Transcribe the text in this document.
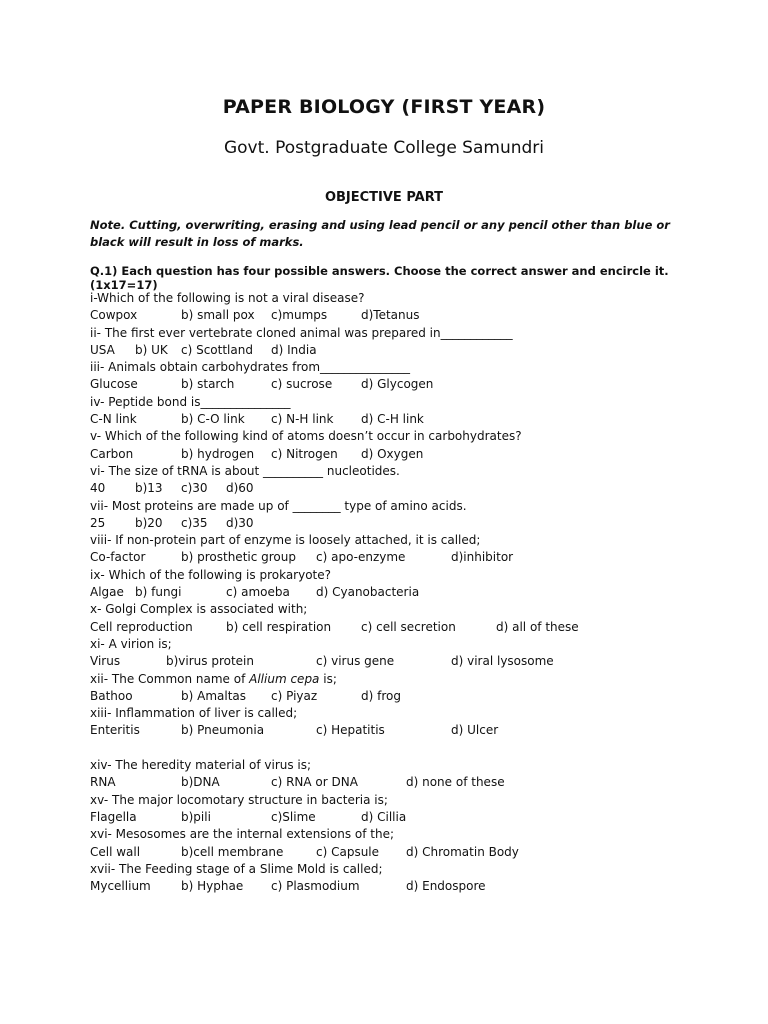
PAPER BIOLOGY (FIRST YEAR)
Govt. Postgraduate College Samundri
OBJECTIVE PART
Note. Cutting, overwriting, erasing and using lead pencil or any pencil other than blue or black will result in loss of marks.
Q.1) Each question has four possible answers. Choose the correct answer and encircle it. (1x17=17)
i-Which of the following is not a viral disease?
Cowpox	b) small pox c)mumps	d)Tetanus
ii- The first ever vertebrate cloned animal was prepared in____________
USA b) UK c) Scottland d) India
iii- Animals obtain carbohydrates from_______________
Glucose	b) starch	c) sucrose d) Glycogen
iv- Peptide bond is_______________
C-N link	b) C-O link c) N-H link d) C-H link
v- Which of the following kind of atoms doesn’t occur in carbohydrates?
Carbon	b) hydrogen c) Nitrogen d) Oxygen
vi- The size of tRNA is about __________ nucleotides.
40 b)13 c)30 d)60
vii- Most proteins are made up of ________ type of amino acids.
25 b)20 c)35 d)30
viii- If non-protein part of enzyme is loosely attached, it is called;
Co-factor	b) prosthetic group c) apo-enzyme	d)inhibitor
ix- Which of the following is prokaryote?
Algae b) fungi	c) amoeba d) Cyanobacteria
x- Golgi Complex is associated with;
Cell reproduction	b) cell respiration c) cell secretion	d) all of these
xi- A virion is;
Virus	b)virus protein	c) virus gene	d) viral lysosome
xii- The Common name of Allium cepa is;
Bathoo	b) Amaltas c) Piyaz	d) frog
xiii- Inflammation of liver is called;
Enteritis	b) Pneumonia	c) Hepatitis	d) Ulcer
xiv- The heredity material of virus is;
RNA	b)DNA	c) RNA or DNA	d) none of these
xv- The major locomotary structure in bacteria is;
Flagella	b)pili	c)Slime	d) Cillia
xvi- Mesosomes are the internal extensions of the;
Cell wall	b)cell membrane	c) Capsule d) Chromatin Body
xvii- The Feeding stage of a Slime Mold is called;
Mycellium	b) Hyphae c) Plasmodium	d) Endospore
